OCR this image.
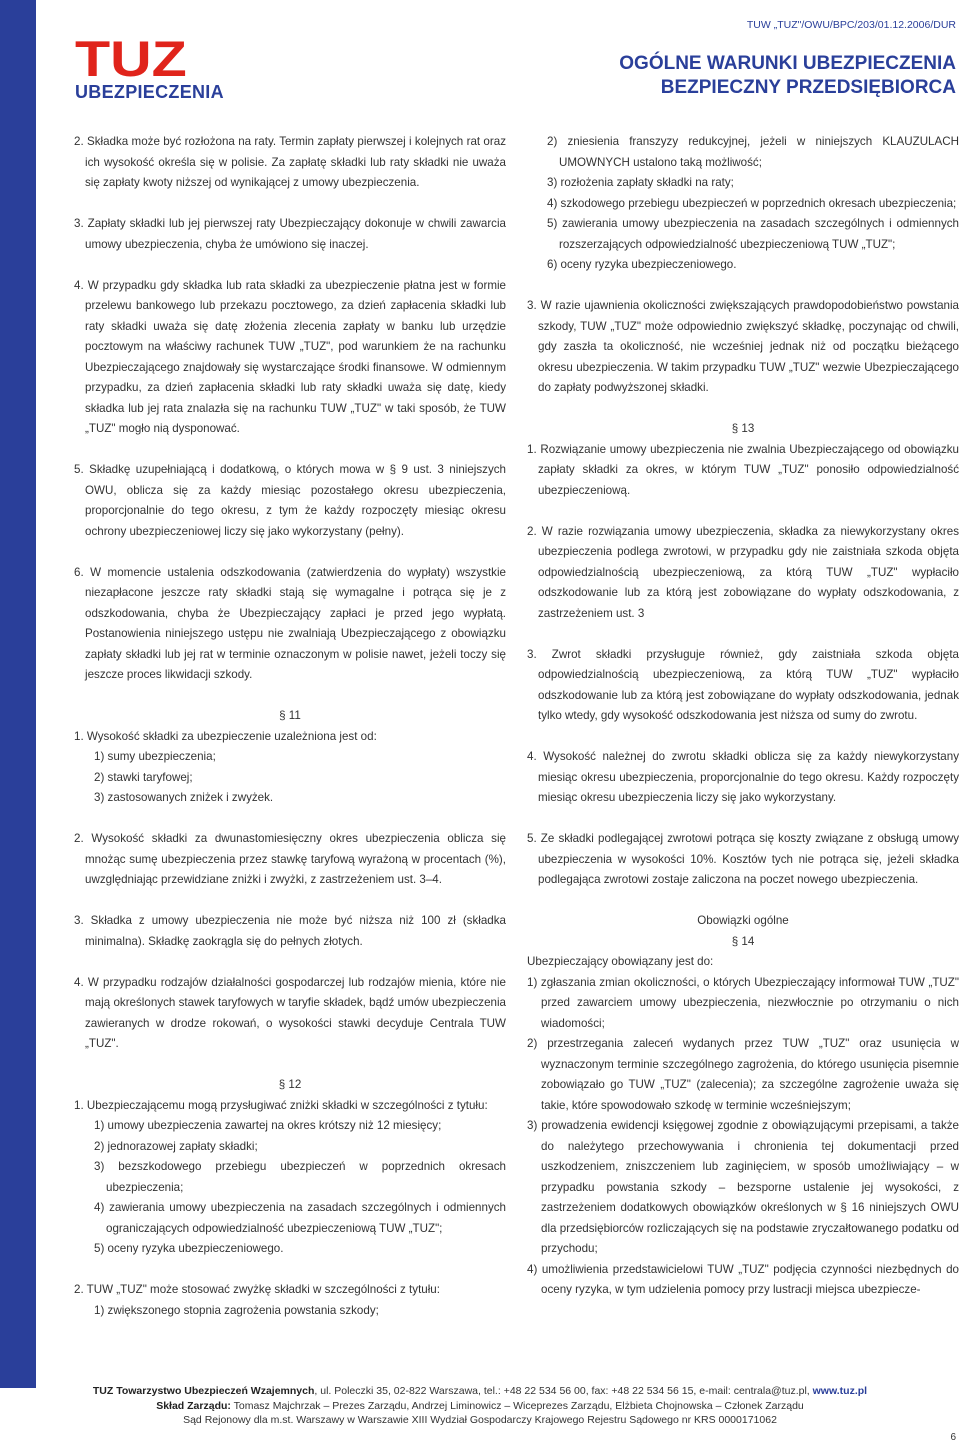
TUZ
UBEZPIECZENIA
TUW „TUZ"/OWU/BPC/203/01.12.2006/DUR
OGÓLNE WARUNKI UBEZPIECZENIA
BEZPIECZNY PRZEDSIĘBIORCA

2. Składka może być rozłożona na raty. Termin zapłaty pierwszej i kolejnych rat oraz ich wysokość określa się w polisie. Za zapłatę składki lub raty składki nie uważa się zapłaty kwoty niższej od wynikającej z umowy ubezpieczenia.

3. Zapłaty składki lub jej pierwszej raty Ubezpieczający dokonuje w chwili zawarcia umowy ubezpieczenia, chyba że umówiono się inaczej.

4. W przypadku gdy składka lub rata składki za ubezpieczenie płatna jest w formie przelewu bankowego lub przekazu pocztowego, za dzień zapłacenia składki lub raty składki uważa się datę złożenia zlecenia zapłaty w banku lub urzędzie pocztowym na właściwy rachunek TUW „TUZ", pod warunkiem że na rachunku Ubezpieczającego znajdowały się wystarczające środki finansowe. W odmiennym przypadku, za dzień zapłacenia składki lub raty składki uważa się datę, kiedy składka lub jej rata znalazła się na rachunku TUW „TUZ" w taki sposób, że TUW „TUZ" mogło nią dysponować.

5. Składkę uzupełniającą i dodatkową, o których mowa w § 9 ust. 3 niniejszych OWU, oblicza się za każdy miesiąc pozostałego okresu ubezpieczenia, proporcjonalnie do tego okresu, z tym że każdy rozpoczęty miesiąc okresu ochrony ubezpieczeniowej liczy się jako wykorzystany (pełny).

6. W momencie ustalenia odszkodowania (zatwierdzenia do wypłaty) wszystkie niezapłacone jeszcze raty składki stają się wymagalne i potrąca się je z odszkodowania, chyba że Ubezpieczający zapłaci je przed jego wypłatą. Postanowienia niniejszego ustępu nie zwalniają Ubezpieczającego z obowiązku zapłaty składki lub jej rat w terminie oznaczonym w polisie nawet, jeżeli toczy się jeszcze proces likwidacji szkody.

§ 11

1. Wysokość składki za ubezpieczenie uzależniona jest od:

1) sumy ubezpieczenia;

2) stawki taryfowej;

3) zastosowanych zniżek i zwyżek.

2. Wysokość składki za dwunastomiesięczny okres ubezpieczenia oblicza się mnożąc sumę ubezpieczenia przez stawkę taryfową wyrażoną w procentach (%), uwzględniając przewidziane zniżki i zwyżki, z zastrzeżeniem ust. 3–4.

3. Składka z umowy ubezpieczenia nie może być niższa niż 100 zł (składka minimalna). Składkę zaokrągla się do pełnych złotych.

4. W przypadku rodzajów działalności gospodarczej lub rodzajów mienia, które nie mają określonych stawek taryfowych w taryfie składek, bądź umów ubezpieczenia zawieranych w drodze rokowań, o wysokości stawki decyduje Centrala TUW „TUZ".

§ 12

1. Ubezpieczającemu mogą przysługiwać zniżki składki w szczególności z tytułu:

1) umowy ubezpieczenia zawartej na okres krótszy niż 12 miesięcy;

2) jednorazowej zapłaty składki;

3) bezszkodowego przebiegu ubezpieczeń w poprzednich okresach ubezpieczenia;

4) zawierania umowy ubezpieczenia na zasadach szczególnych i odmiennych ograniczających odpowiedzialność ubezpieczeniową TUW „TUZ";

5) oceny ryzyka ubezpieczeniowego.

2. TUW „TUZ" może stosować zwyżkę składki w szczególności z tytułu:

1) zwiększonego stopnia zagrożenia powstania szkody;

2) zniesienia franszyzy redukcyjnej, jeżeli w niniejszych KLAUZULACH UMOWNYCH ustalono taką możliwość;

3) rozłożenia zapłaty składki na raty;

4) szkodowego przebiegu ubezpieczeń w poprzednich okresach ubezpieczenia;

5) zawierania umowy ubezpieczenia na zasadach szczególnych i odmiennych rozszerzających odpowiedzialność ubezpieczeniową TUW „TUZ";

6) oceny ryzyka ubezpieczeniowego.

3. W razie ujawnienia okoliczności zwiększających prawdopodobieństwo powstania szkody, TUW „TUZ" może odpowiednio zwiększyć składkę, poczynając od chwili, gdy zaszła ta okoliczność, nie wcześniej jednak niż od początku bieżącego okresu ubezpieczenia. W takim przypadku TUW „TUZ" wezwie Ubezpieczającego do zapłaty podwyższonej składki.

§ 13

1. Rozwiązanie umowy ubezpieczenia nie zwalnia Ubezpieczającego od obowiązku zapłaty składki za okres, w którym TUW „TUZ" ponosiło odpowiedzialność ubezpieczeniową.

2. W razie rozwiązania umowy ubezpieczenia, składka za niewykorzystany okres ubezpieczenia podlega zwrotowi, w przypadku gdy nie zaistniała szkoda objęta odpowiedzialnością ubezpieczeniową, za którą TUW „TUZ" wypłaciło odszkodowanie lub za którą jest zobowiązane do wypłaty odszkodowania, z zastrzeżeniem ust. 3

3. Zwrot składki przysługuje również, gdy zaistniała szkoda objęta odpowiedzialnością ubezpieczeniową, za którą TUW „TUZ" wypłaciło odszkodowanie lub za którą jest zobowiązane do wypłaty odszkodowania, jednak tylko wtedy, gdy wysokość odszkodowania jest niższa od sumy do zwrotu.

4. Wysokość należnej do zwrotu składki oblicza się za każdy niewykorzystany miesiąc okresu ubezpieczenia, proporcjonalnie do tego okresu. Każdy rozpoczęty miesiąc okresu ubezpieczenia liczy się jako wykorzystany.

5. Ze składki podlegającej zwrotowi potrąca się koszty związane z obsługą umowy ubezpieczenia w wysokości 10%. Kosztów tych nie potrąca się, jeżeli składka podlegająca zwrotowi zostaje zaliczona na poczet nowego ubezpieczenia.

Obowiązki ogólne

§ 14

Ubezpieczający obowiązany jest do:

1) zgłaszania zmian okoliczności, o których Ubezpieczający informował TUW „TUZ" przed zawarciem umowy ubezpieczenia, niezwłocznie po otrzymaniu o nich wiadomości;

2) przestrzegania zaleceń wydanych przez TUW „TUZ" oraz usunięcia w wyznaczonym terminie szczególnego zagrożenia, do którego usunięcia pisemnie zobowiązało go TUW „TUZ" (zalecenia); za szczególne zagrożenie uważa się takie, które spowodowało szkodę w terminie wcześniejszym;

3) prowadzenia ewidencji księgowej zgodnie z obowiązującymi przepisami, a także do należytego przechowywania i chronienia tej dokumentacji przed uszkodzeniem, zniszczeniem lub zaginięciem, w sposób umożliwiający – w przypadku powstania szkody – bezsporne ustalenie jej wysokości, z zastrzeżeniem dodatkowych obowiązków określonych w § 16 niniejszych OWU dla przedsiębiorców rozliczających się na podstawie zryczałtowanego podatku od przychodu;

4) umożliwienia przedstawicielowi TUW „TUZ" podjęcia czynności niezbędnych do oceny ryzyka, w tym udzielenia pomocy przy lustracji miejsca ubezpiecze-

TUZ Towarzystwo Ubezpieczeń Wzajemnych, ul. Poleczki 35, 02-822 Warszawa, tel.: +48 22 534 56 00, fax: +48 22 534 56 15, e-mail: centrala@tuz.pl, www.tuz.pl
Skład Zarządu: Tomasz Majchrzak – Prezes Zarządu, Andrzej Liminowicz – Wiceprezes Zarządu, Elżbieta Chojnowska – Członek Zarządu
Sąd Rejonowy dla m.st. Warszawy w Warszawie XIII Wydział Gospodarczy Krajowego Rejestru Sądowego nr KRS 0000171062
6
